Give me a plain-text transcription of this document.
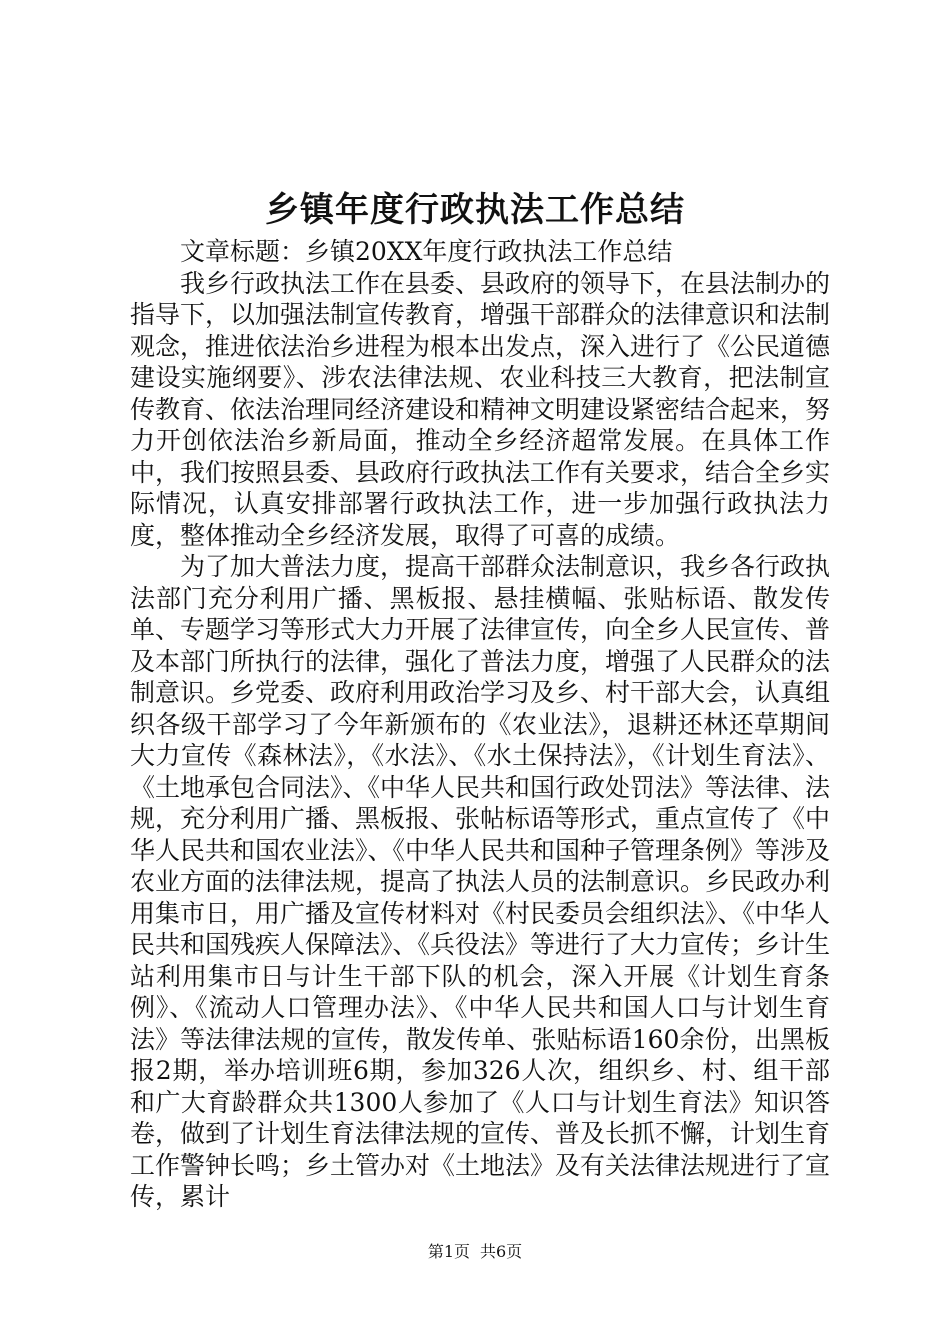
乡镇年度行政执法工作总结

文章标题：乡镇20XX年度行政执法工作总结

我乡行政执法工作在县委、县政府的领导下，在县法制办的指导下，以加强法制宣传教育，增强干部群众的法律意识和法制观念，推进依法治乡进程为根本出发点，深入进行了《公民道德建设实施纲要》、涉农法律法规、农业科技三大教育，把法制宣传教育、依法治理同经济建设和精神文明建设紧密结合起来，努力开创依法治乡新局面，推动全乡经济超常发展。在具体工作中，我们按照县委、县政府行政执法工作有关要求，结合全乡实际情况，认真安排部署行政执法工作，进一步加强行政执法力度，整体推动全乡经济发展，取得了可喜的成绩。

为了加大普法力度，提高干部群众法制意识，我乡各行政执法部门充分利用广播、黑板报、悬挂横幅、张贴标语、散发传单、专题学习等形式大力开展了法律宣传，向全乡人民宣传、普及本部门所执行的法律，强化了普法力度，增强了人民群众的法制意识。乡党委、政府利用政治学习及乡、村干部大会，认真组织各级干部学习了今年新颁布的《农业法》，退耕还林还草期间大力宣传《森林法》，《水法》、《水土保持法》，《计划生育法》、《土地承包合同法》、《中华人民共和国行政处罚法》等法律、法规，充分利用广播、黑板报、张帖标语等形式，重点宣传了《中华人民共和国农业法》、《中华人民共和国种子管理条例》等涉及农业方面的法律法规，提高了执法人员的法制意识。乡民政办利用集市日，用广播及宣传材料对《村民委员会组织法》、《中华人民共和国残疾人保障法》、《兵役法》等进行了大力宣传；乡计生站利用集市日与计生干部下队的机会，深入开展《计划生育条例》、《流动人口管理办法》、《中华人民共和国人口与计划生育法》等法律法规的宣传，散发传单、张贴标语160余份，出黑板报2期，举办培训班6期，参加326人次，组织乡、村、组干部和广大育龄群众共1300人参加了《人口与计划生育法》知识答卷，做到了计划生育法律法规的宣传、普及长抓不懈，计划生育工作警钟长鸣；乡土管办对《土地法》及有关法律法规进行了宣传，累计

第1页 共6页
